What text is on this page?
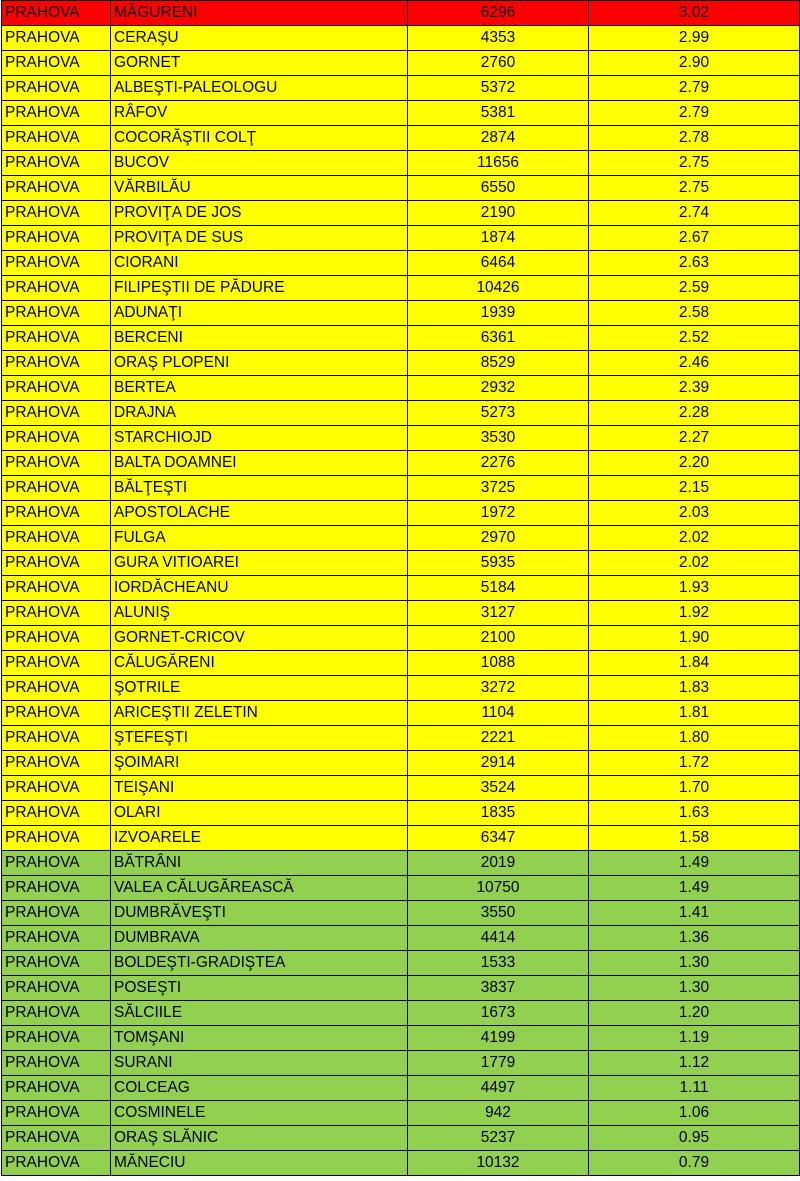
PRAHOVA	MĂGURENI	6296	3.02
PRAHOVA	CERAŞU	4353	2.99
PRAHOVA	GORNET	2760	2.90
PRAHOVA	ALBEŞTI-PALEOLOGU	5372	2.79
PRAHOVA	RÂFOV	5381	2.79
PRAHOVA	COCORĂŞTII COLŢ	2874	2.78
PRAHOVA	BUCOV	11656	2.75
PRAHOVA	VĂRBILĂU	6550	2.75
PRAHOVA	PROVIŢA DE JOS	2190	2.74
PRAHOVA	PROVIŢA DE SUS	1874	2.67
PRAHOVA	CIORANI	6464	2.63
PRAHOVA	FILIPEŞTII DE PĂDURE	10426	2.59
PRAHOVA	ADUNAŢI	1939	2.58
PRAHOVA	BERCENI	6361	2.52
PRAHOVA	ORAŞ PLOPENI	8529	2.46
PRAHOVA	BERTEA	2932	2.39
PRAHOVA	DRAJNA	5273	2.28
PRAHOVA	STARCHIOJD	3530	2.27
PRAHOVA	BALTA DOAMNEI	2276	2.20
PRAHOVA	BĂLŢEŞTI	3725	2.15
PRAHOVA	APOSTOLACHE	1972	2.03
PRAHOVA	FULGA	2970	2.02
PRAHOVA	GURA VITIOAREI	5935	2.02
PRAHOVA	IORDĂCHEANU	5184	1.93
PRAHOVA	ALUNIŞ	3127	1.92
PRAHOVA	GORNET-CRICOV	2100	1.90
PRAHOVA	CĂLUGĂRENI	1088	1.84
PRAHOVA	ŞOTRILE	3272	1.83
PRAHOVA	ARICEŞTII ZELETIN	1104	1.81
PRAHOVA	ŞTEFEŞTI	2221	1.80
PRAHOVA	ŞOIMARI	2914	1.72
PRAHOVA	TEIŞANI	3524	1.70
PRAHOVA	OLARI	1835	1.63
PRAHOVA	IZVOARELE	6347	1.58
PRAHOVA	BĂTRÂNI	2019	1.49
PRAHOVA	VALEA CĂLUGĂREASCĂ	10750	1.49
PRAHOVA	DUMBRĂVEŞTI	3550	1.41
PRAHOVA	DUMBRAVA	4414	1.36
PRAHOVA	BOLDEŞTI-GRADIŞTEA	1533	1.30
PRAHOVA	POSEŞTI	3837	1.30
PRAHOVA	SĂLCIILE	1673	1.20
PRAHOVA	TOMŞANI	4199	1.19
PRAHOVA	SURANI	1779	1.12
PRAHOVA	COLCEAG	4497	1.11
PRAHOVA	COSMINELE	942	1.06
PRAHOVA	ORAŞ SLĂNIC	5237	0.95
PRAHOVA	MĂNECIU	10132	0.79
